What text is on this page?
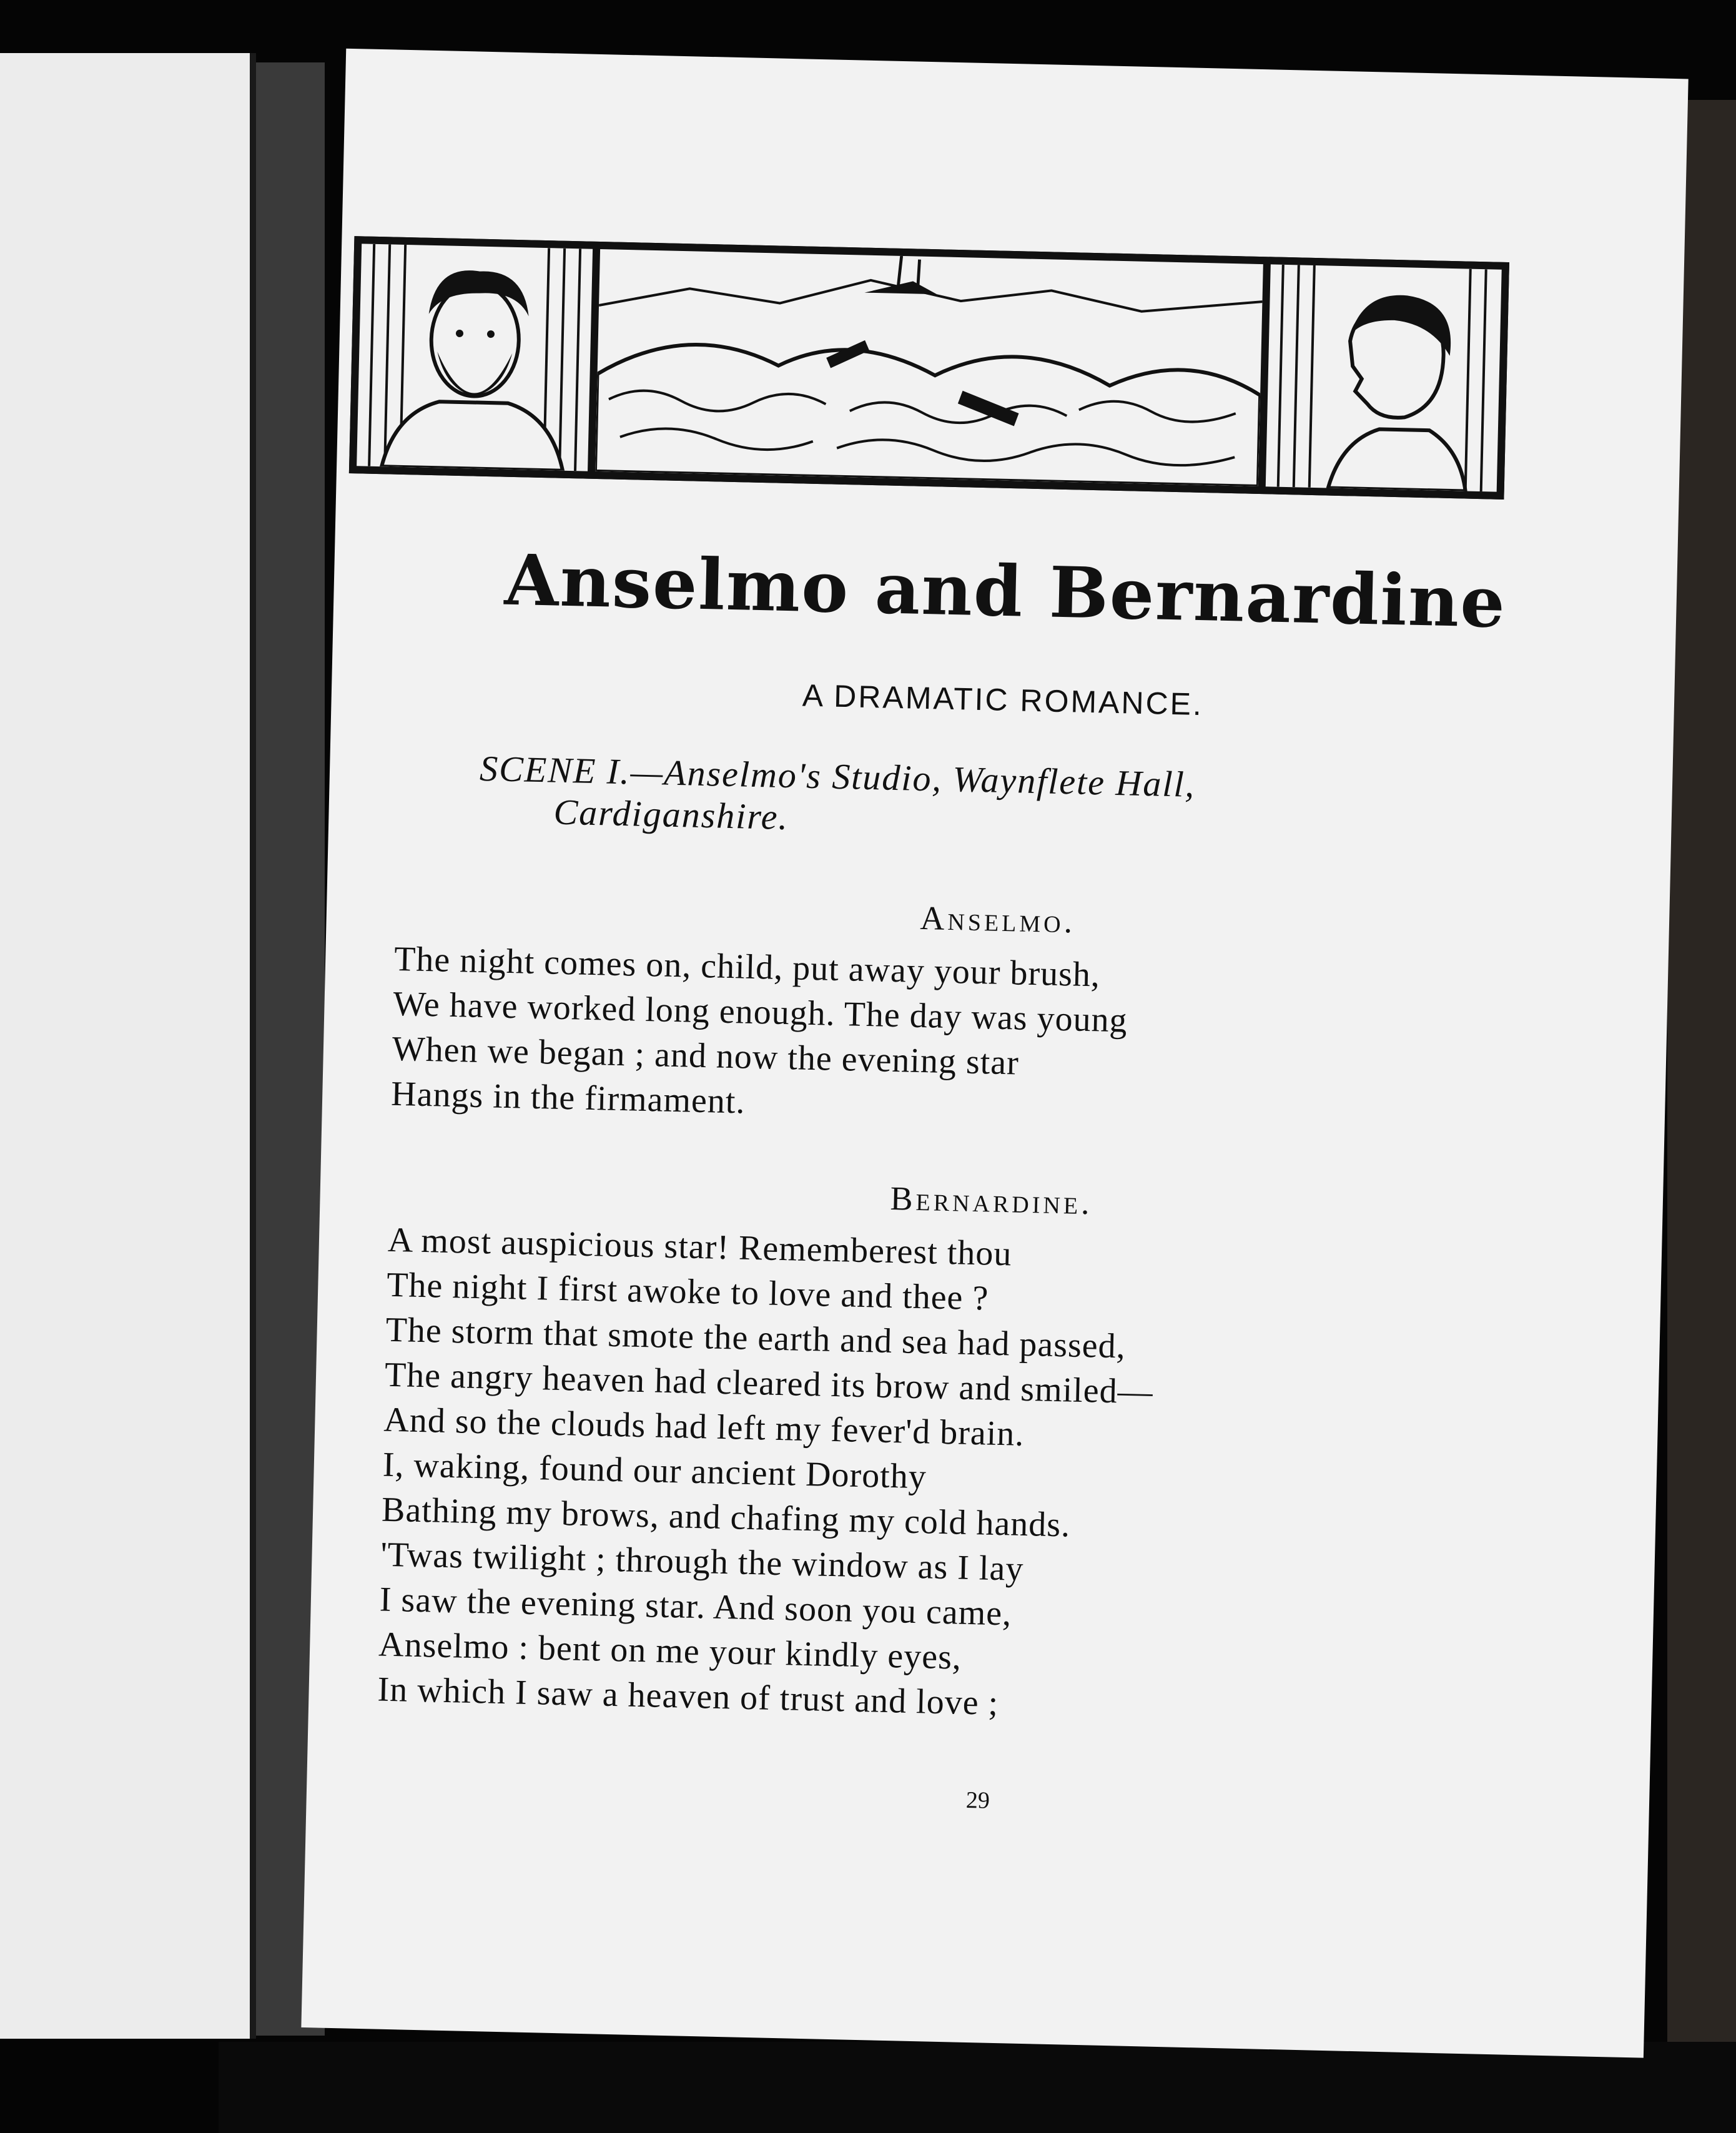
Anselmo and Bernardine
A DRAMATIC ROMANCE.
SCENE I.—Anselmo's Studio, Waynflete Hall,
Cardiganshire.
Anselmo.
The night comes on, child, put away your brush,
We have worked long enough. The day was young
When we began ; and now the evening star
Hangs in the firmament.
Bernardine.
A most auspicious star! Rememberest thou
The night I first awoke to love and thee ?
The storm that smote the earth and sea had passed,
The angry heaven had cleared its brow and smiled—
And so the clouds had left my fever'd brain.
I, waking, found our ancient Dorothy
Bathing my brows, and chafing my cold hands.
'Twas twilight ; through the window as I lay
I saw the evening star. And soon you came,
Anselmo : bent on me your kindly eyes,
In which I saw a heaven of trust and love ;
29
